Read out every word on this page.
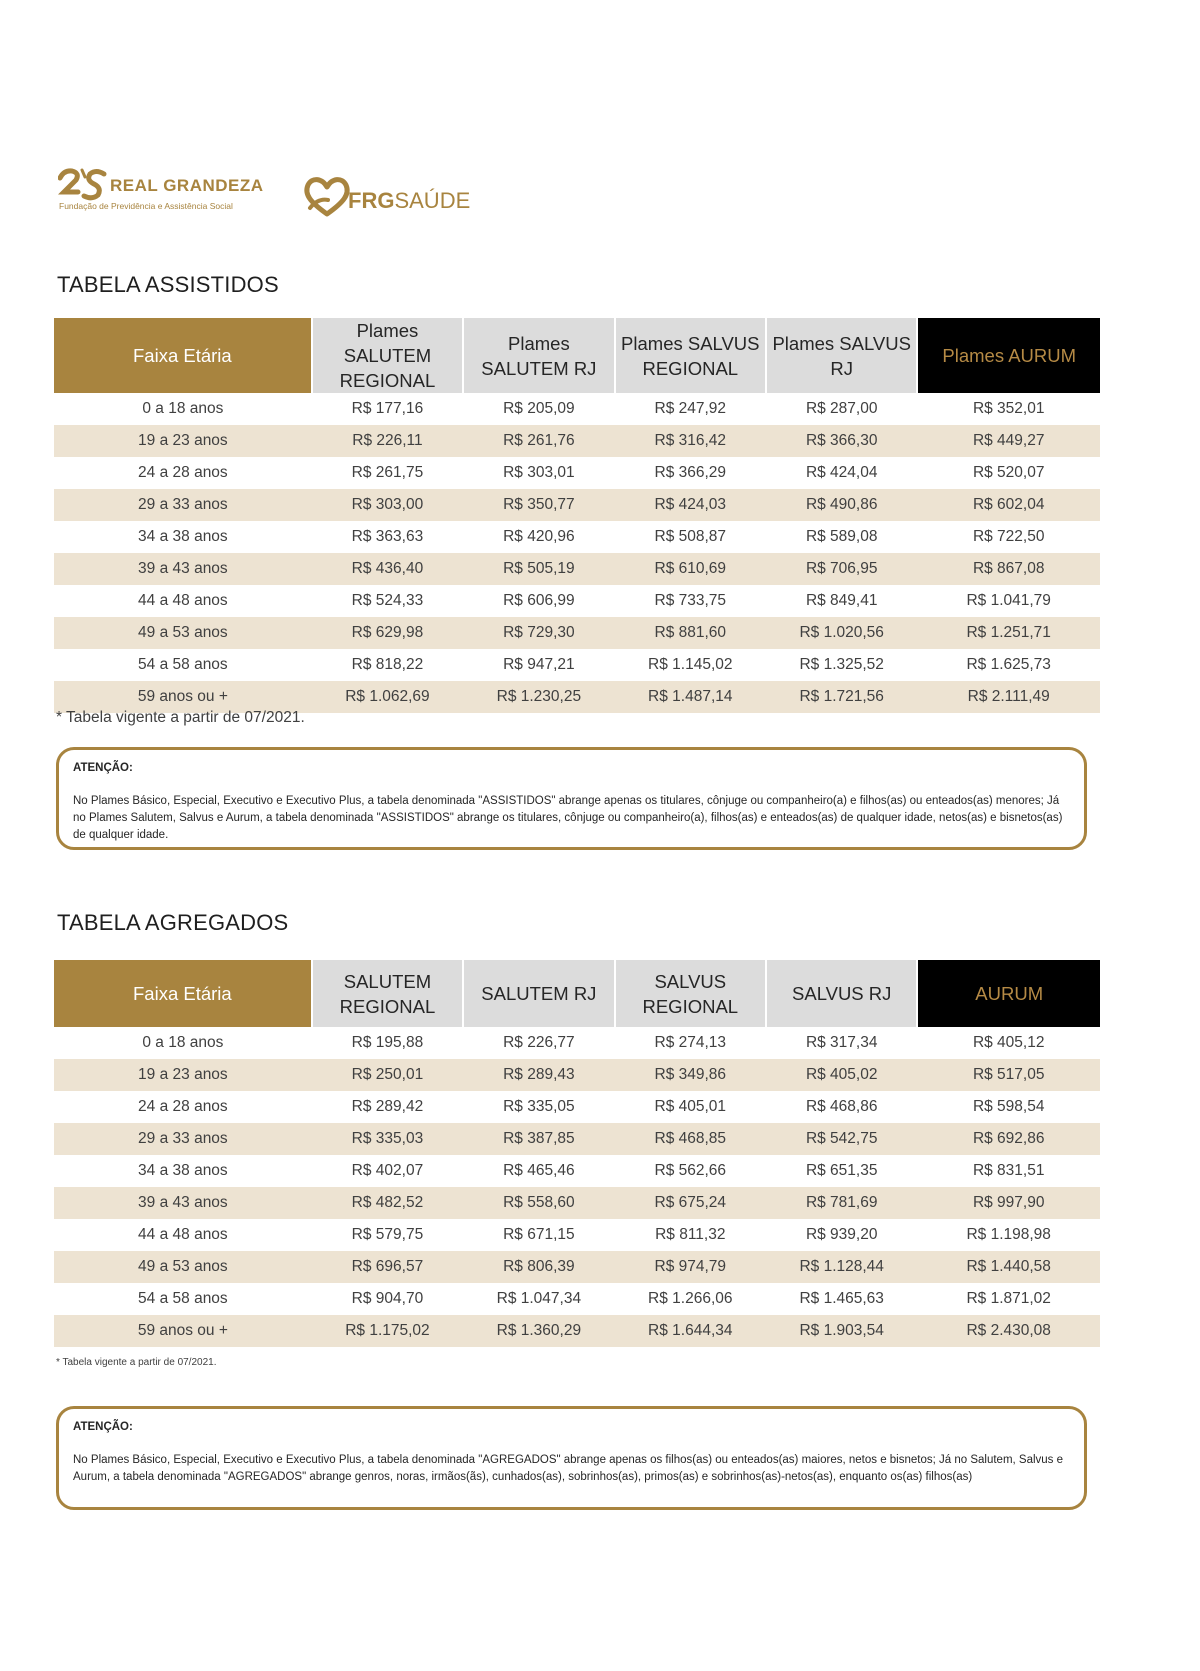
REAL GRANDEZA
Fundação de Previdência e Assistência Social	FRGSAÚDE
TABELA ASSISTIDOS
Faixa Etária	Plames SALUTEM REGIONAL	Plames SALUTEM RJ	Plames SALVUS REGIONAL	Plames SALVUS RJ	Plames AURUM
0 a 18 anos	R$ 177,16	R$ 205,09	R$ 247,92	R$ 287,00	R$ 352,01
19 a 23 anos	R$ 226,11	R$ 261,76	R$ 316,42	R$ 366,30	R$ 449,27
24 a 28 anos	R$ 261,75	R$ 303,01	R$ 366,29	R$ 424,04	R$ 520,07
29 a 33 anos	R$ 303,00	R$ 350,77	R$ 424,03	R$ 490,86	R$ 602,04
34 a 38 anos	R$ 363,63	R$ 420,96	R$ 508,87	R$ 589,08	R$ 722,50
39 a 43 anos	R$ 436,40	R$ 505,19	R$ 610,69	R$ 706,95	R$ 867,08
44 a 48 anos	R$ 524,33	R$ 606,99	R$ 733,75	R$ 849,41	R$ 1.041,79
49 a 53 anos	R$ 629,98	R$ 729,30	R$ 881,60	R$ 1.020,56	R$ 1.251,71
54 a 58 anos	R$ 818,22	R$ 947,21	R$ 1.145,02	R$ 1.325,52	R$ 1.625,73
59 anos ou +	R$ 1.062,69	R$ 1.230,25	R$ 1.487,14	R$ 1.721,56	R$ 2.111,49
* Tabela vigente a partir de 07/2021.
ATENÇÃO:
No Plames Básico, Especial, Executivo e Executivo Plus, a tabela denominada "ASSISTIDOS" abrange apenas os titulares, cônjuge ou companheiro(a) e filhos(as) ou enteados(as) menores; Já no Plames Salutem, Salvus e Aurum, a tabela denominada "ASSISTIDOS" abrange os titulares, cônjuge ou companheiro(a), filhos(as) e enteados(as) de qualquer idade, netos(as) e bisnetos(as) de qualquer idade.
TABELA AGREGADOS
Faixa Etária	SALUTEM REGIONAL	SALUTEM RJ	SALVUS REGIONAL	SALVUS RJ	AURUM
0 a 18 anos	R$ 195,88	R$ 226,77	R$ 274,13	R$ 317,34	R$ 405,12
19 a 23 anos	R$ 250,01	R$ 289,43	R$ 349,86	R$ 405,02	R$ 517,05
24 a 28 anos	R$ 289,42	R$ 335,05	R$ 405,01	R$ 468,86	R$ 598,54
29 a 33 anos	R$ 335,03	R$ 387,85	R$ 468,85	R$ 542,75	R$ 692,86
34 a 38 anos	R$ 402,07	R$ 465,46	R$ 562,66	R$ 651,35	R$ 831,51
39 a 43 anos	R$ 482,52	R$ 558,60	R$ 675,24	R$ 781,69	R$ 997,90
44 a 48 anos	R$ 579,75	R$ 671,15	R$ 811,32	R$ 939,20	R$ 1.198,98
49 a 53 anos	R$ 696,57	R$ 806,39	R$ 974,79	R$ 1.128,44	R$ 1.440,58
54 a 58 anos	R$ 904,70	R$ 1.047,34	R$ 1.266,06	R$ 1.465,63	R$ 1.871,02
59 anos ou +	R$ 1.175,02	R$ 1.360,29	R$ 1.644,34	R$ 1.903,54	R$ 2.430,08
* Tabela vigente a partir de 07/2021.
ATENÇÃO:
No Plames Básico, Especial, Executivo e Executivo Plus, a tabela denominada "AGREGADOS" abrange apenas os filhos(as) ou enteados(as) maiores, netos e bisnetos; Já no Salutem, Salvus e Aurum, a tabela denominada "AGREGADOS" abrange genros, noras, irmãos(ãs), cunhados(as), sobrinhos(as), primos(as) e sobrinhos(as)-netos(as), enquanto os(as) filhos(as)
